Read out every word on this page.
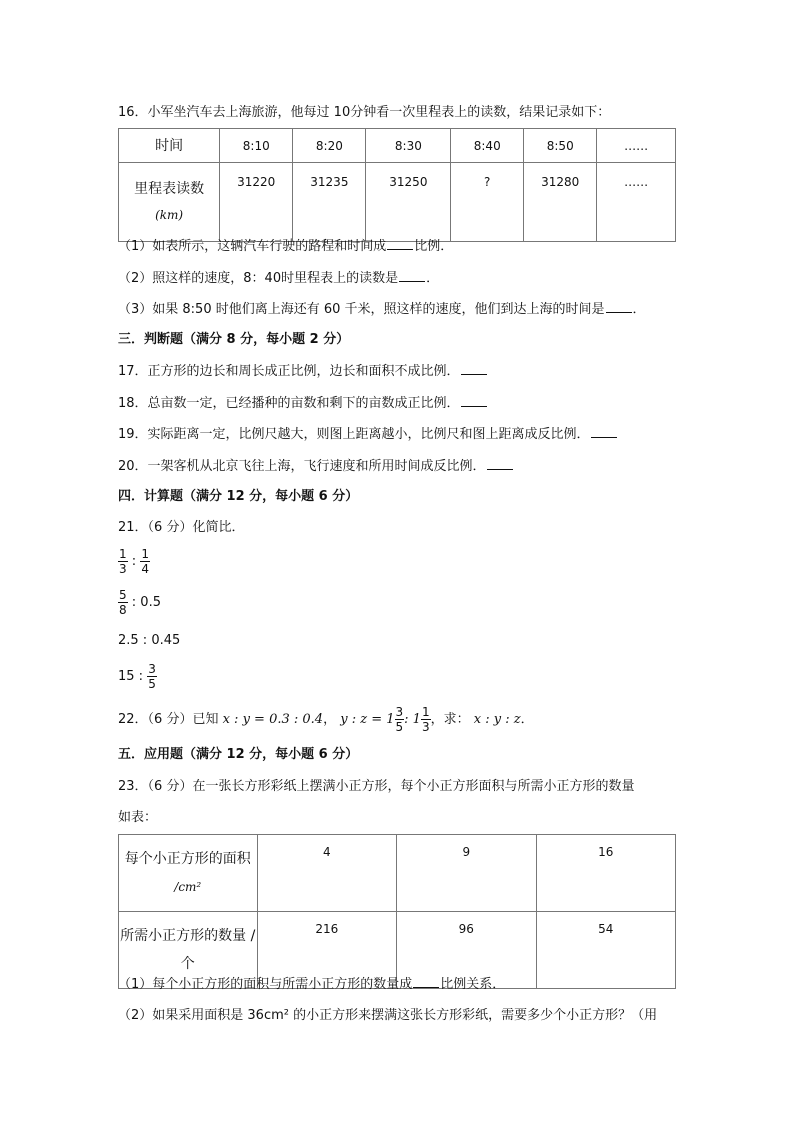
16．小军坐汽车去上海旅游，他每过 10分钟看一次里程表上的读数，结果记录如下：
时间	8:10	8:20	8:30	8:40	8:50	……

里程表读数
(km)	31220	31235	31250	?	31280	……
（1）如表所示，这辆汽车行驶的路程和时间成 比例．
（2）照这样的速度，8：40时里程表上的读数是 ．
（3）如果 8:50 时他们离上海还有 60 千米，照这样的速度，他们到达上海的时间是 ．
三．判断题（满分 8 分，每小题 2 分）
17．正方形的边长和周长成正比例，边长和面积不成比例．
18．总亩数一定，已经播种的亩数和剩下的亩数成正比例．
19．实际距离一定，比例尺越大，则图上距离越小，比例尺和图上距离成反比例．
20．一架客机从北京飞往上海，飞行速度和所用时间成反比例．
四．计算题（满分 12 分，每小题 6 分）
21．（6 分）化简比．
$\frac{1}{3}$ : $\frac{1}{4}$
$\frac{5}{8}$ : 0.5
2.5 : 0.45
15 : $\frac{3}{5}$
22．（6 分）已知 x : y = 0.3 : 0.4， y : $z = 1 \frac{3}{5}$ : $1 \frac{1}{3}$ ，求： x : y : z．
五．应用题（满分 12 分，每小题 6 分）
23．（6 分）在一张长方形彩纸上摆满小正方形，每个小正方形面积与所需小正方形的数量
如表：
每个小正方形的面积
/cm²	4	9	16

所需小正方形的数量 /
个	216	96	54
（1）每个小正方形的面积与所需小正方形的数量成 比例关系．
（2）如果采用面积是 36cm² 的小正方形来摆满这张长方形彩纸，需要多少个小正方形？（用
